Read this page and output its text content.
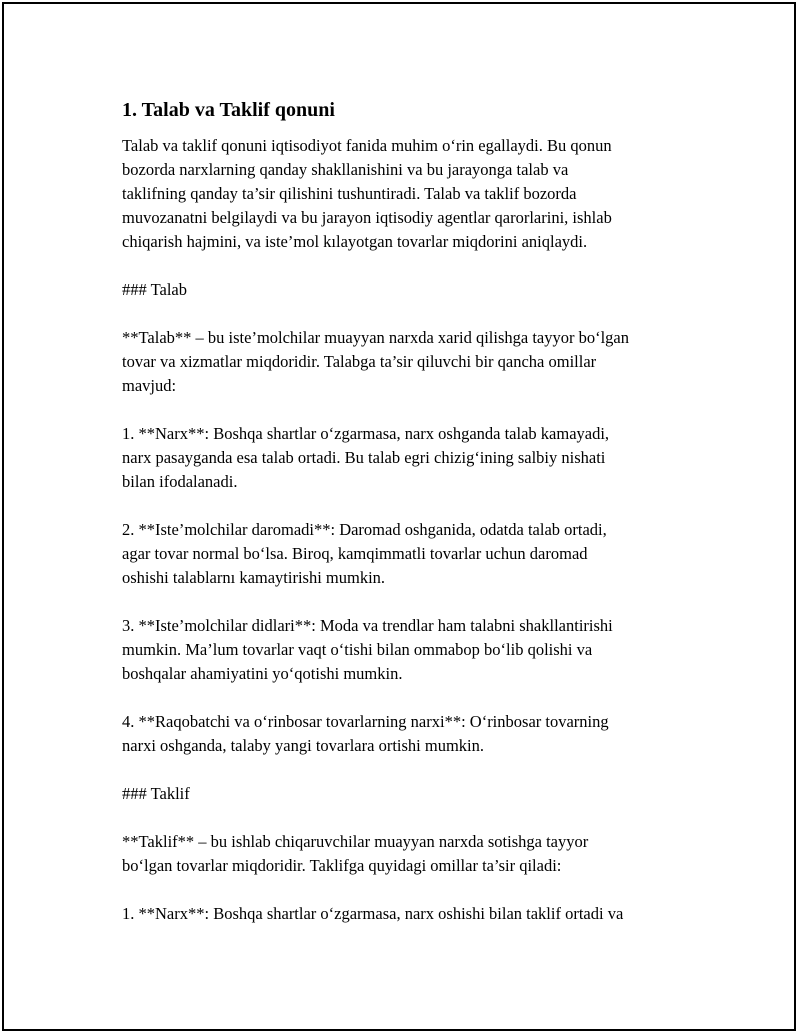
1. Talab va Taklif qonuni
Talab va taklif qonuni iqtisodiyot fanida muhim o‘rin egallaydi. Bu qonun
bozorda narxlarning qanday shakllanishini va bu jarayonga talab va
taklifning qanday ta’sir qilishini tushuntiradi. Talab va taklif bozorda
muvozanatni belgilaydi va bu jarayon iqtisodiy agentlar qarorlarini, ishlab
chiqarish hajmini, va iste’mol kılayotgan tovarlar miqdorini aniqlaydi.
### Talab
**Talab** – bu iste’molchilar muayyan narxda xarid qilishga tayyor bo‘lgan
tovar va xizmatlar miqdoridir. Talabga ta’sir qiluvchi bir qancha omillar
mavjud:
1. **Narx**: Boshqa shartlar o‘zgarmasa, narx oshganda talab kamayadi,
narx pasayganda esa talab ortadi. Bu talab egri chizig‘ining salbiy nishati
bilan ifodalanadi.
2. **Iste’molchilar daromadi**: Daromad oshganida, odatda talab ortadi,
agar tovar normal bo‘lsa. Biroq, kamqimmatli tovarlar uchun daromad
oshishi talablarnı kamaytirishi mumkin.
3. **Iste’molchilar didlari**: Moda va trendlar ham talabni shakllantirishi
mumkin. Ma’lum tovarlar vaqt o‘tishi bilan ommabop bo‘lib qolishi va
boshqalar ahamiyatini yo‘qotishi mumkin.
4. **Raqobatchi va o‘rinbosar tovarlarning narxi**: O‘rinbosar tovarning
narxi oshganda, talaby yangi tovarlara ortishi mumkin.
### Taklif
**Taklif** – bu ishlab chiqaruvchilar muayyan narxda sotishga tayyor
bo‘lgan tovarlar miqdoridir. Taklifga quyidagi omillar ta’sir qiladi:
1. **Narx**: Boshqa shartlar o‘zgarmasa, narx oshishi bilan taklif ortadi va
